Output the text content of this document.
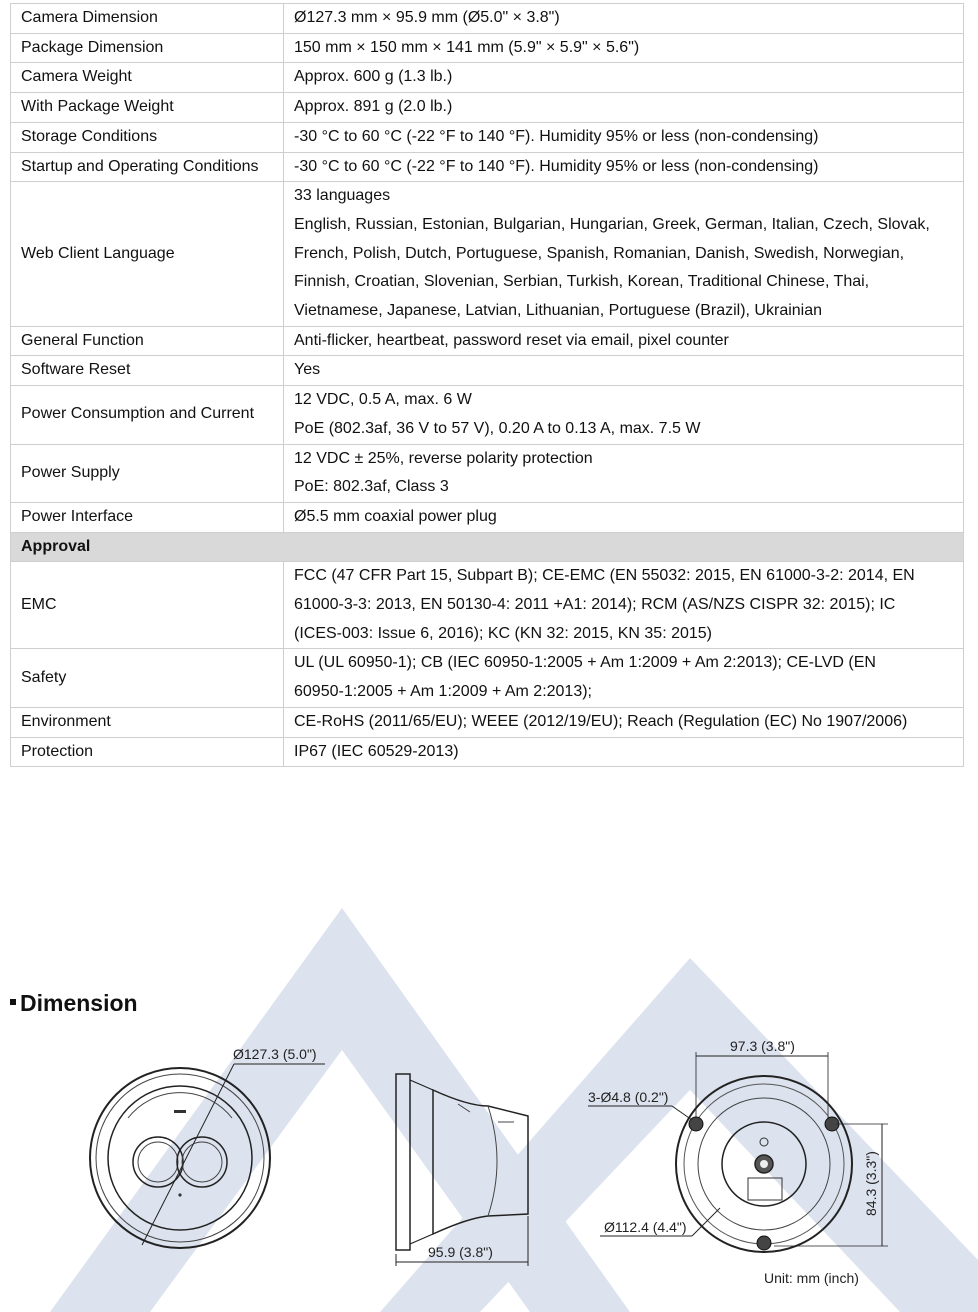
Camera Dimension	Ø127.3 mm × 95.9 mm (Ø5.0" × 3.8")

Package Dimension	150 mm × 150 mm × 141 mm (5.9" × 5.9" × 5.6")

Camera Weight	Approx. 600 g (1.3 lb.)

With Package Weight	Approx. 891 g (2.0 lb.)

Storage Conditions	-30 °C to 60 °C (-22 °F to 140 °F). Humidity 95% or less (non-condensing)

Startup and Operating Conditions	-30 °C to 60 °C (-22 °F to 140 °F). Humidity 95% or less (non-condensing)

Web Client Language	33 languages
English, Russian, Estonian, Bulgarian, Hungarian, Greek, German, Italian, Czech, Slovak,
French, Polish, Dutch, Portuguese, Spanish, Romanian, Danish, Swedish, Norwegian,
Finnish, Croatian, Slovenian, Serbian, Turkish, Korean, Traditional Chinese, Thai,
Vietnamese, Japanese, Latvian, Lithuanian, Portuguese (Brazil), Ukrainian

General Function	Anti-flicker, heartbeat, password reset via email, pixel counter

Software Reset	Yes

Power Consumption and Current	12 VDC, 0.5 A, max. 6 W
PoE (802.3af, 36 V to 57 V), 0.20 A to 0.13 A, max. 7.5 W

Power Supply	12 VDC ± 25%, reverse polarity protection
PoE: 802.3af, Class 3

Power Interface	Ø5.5 mm coaxial power plug

Approval	
EMC	FCC (47 CFR Part 15, Subpart B); CE-EMC (EN 55032: 2015, EN 61000-3-2: 2014, EN
61000-3-3: 2013, EN 50130-4: 2011 +A1: 2014); RCM (AS/NZS CISPR 32: 2015); IC
(ICES-003: Issue 6, 2016); KC (KN 32: 2015, KN 35: 2015)

Safety	UL (UL 60950-1); CB (IEC 60950-1:2005 + Am 1:2009 + Am 2:2013); CE-LVD (EN
60950-1:2005 + Am 1:2009 + Am 2:2013);

Environment	CE-RoHS (2011/65/EU); WEEE (2012/19/EU); Reach (Regulation (EC) No 1907/2006)

Protection	IP67 (IEC 60529-2013)
Dimension
Ø127.3 (5.0")
95.9 (3.8")
97.3 (3.8")
3-Ø4.8 (0.2")
Ø112.4 (4.4")
84.3 (3.3")
Unit: mm (inch)
